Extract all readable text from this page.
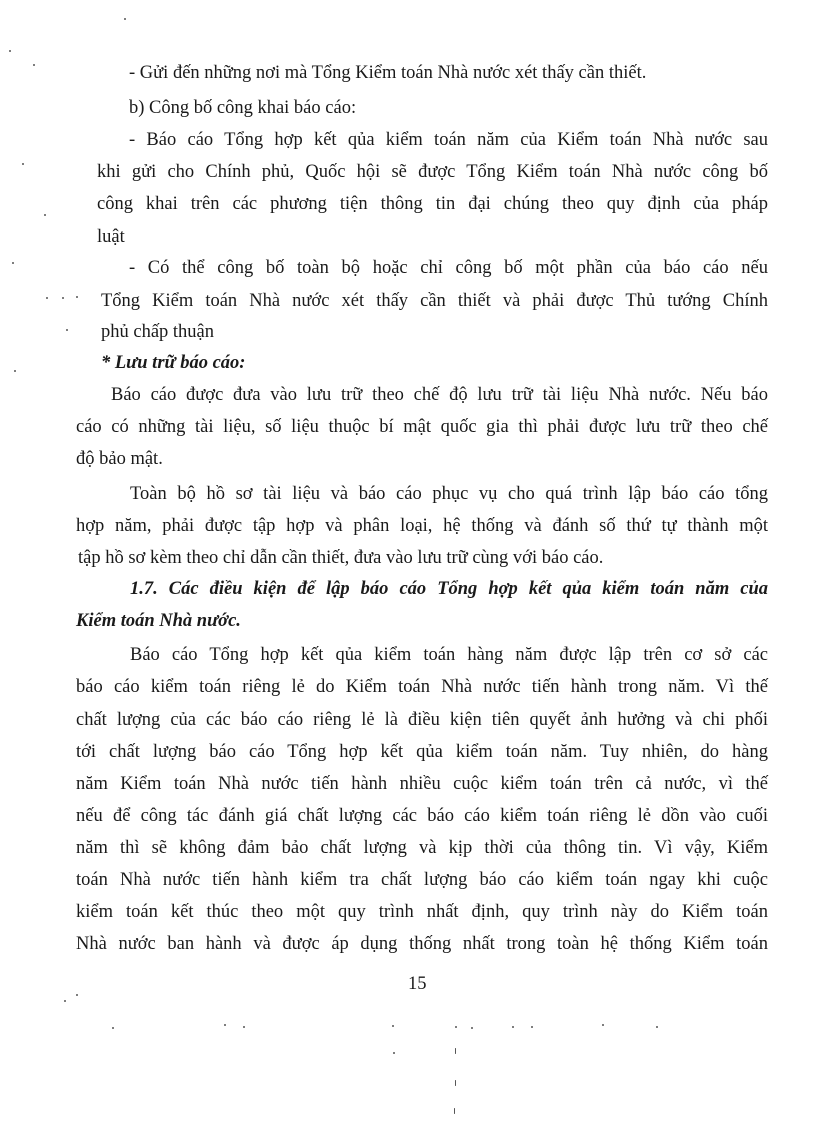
- Gửi đến những nơi mà Tổng Kiểm toán Nhà nước xét thấy cần thiết.
b) Công bố công khai báo cáo:
- Báo cáo Tổng hợp kết qủa kiểm toán năm của Kiểm toán Nhà nước sau
khi gửi cho Chính phủ, Quốc hội sẽ được Tổng Kiểm toán Nhà nước công bố
công khai trên các phương tiện thông tin đại chúng theo quy định của pháp
luật
- Có thể công bố toàn bộ hoặc chỉ công bố một phần của báo cáo nếu
Tổng Kiểm toán Nhà nước xét thấy cần thiết và phải được Thủ tướng Chính
phủ chấp thuận
* Lưu trữ báo cáo:
Báo cáo được đưa vào lưu trữ theo chế độ lưu trữ tài liệu Nhà nước. Nếu báo
cáo có những tài liệu, số liệu thuộc bí mật quốc gia thì phải được lưu trữ theo chế
độ bảo mật.
Toàn bộ hồ sơ tài liệu và báo cáo phục vụ cho quá trình lập báo cáo tổng
hợp năm, phải được tập hợp và phân loại, hệ thống và đánh số thứ tự thành một
tập hồ sơ kèm theo chỉ dẫn cần thiết, đưa vào lưu trữ cùng với báo cáo.
1.7. Các điều kiện để lập báo cáo Tổng hợp kết qủa kiểm toán năm của
Kiểm toán Nhà nước.
Báo cáo Tổng hợp kết qủa kiểm toán hàng năm được lập trên cơ sở các
báo cáo kiểm toán riêng lẻ do Kiểm toán Nhà nước tiến hành trong năm. Vì thế
chất lượng của các báo cáo riêng lẻ là điều kiện tiên quyết ảnh hưởng và chi phối
tới chất lượng báo cáo Tổng hợp kết qủa kiểm toán năm. Tuy nhiên, do hàng
năm Kiểm toán Nhà nước tiến hành nhiều cuộc kiểm toán trên cả nước, vì thế
nếu để công tác đánh giá chất lượng các báo cáo kiểm toán riêng lẻ dồn vào cuối
năm thì sẽ không đảm bảo chất lượng và kịp thời của thông tin. Vì vậy, Kiểm
toán Nhà nước tiến hành kiểm tra chất lượng báo cáo kiểm toán ngay khi cuộc
kiểm toán kết thúc theo một quy trình nhất định, quy trình này do Kiểm toán
Nhà nước ban hành và được áp dụng thống nhất trong toàn hệ thống Kiểm toán
15
